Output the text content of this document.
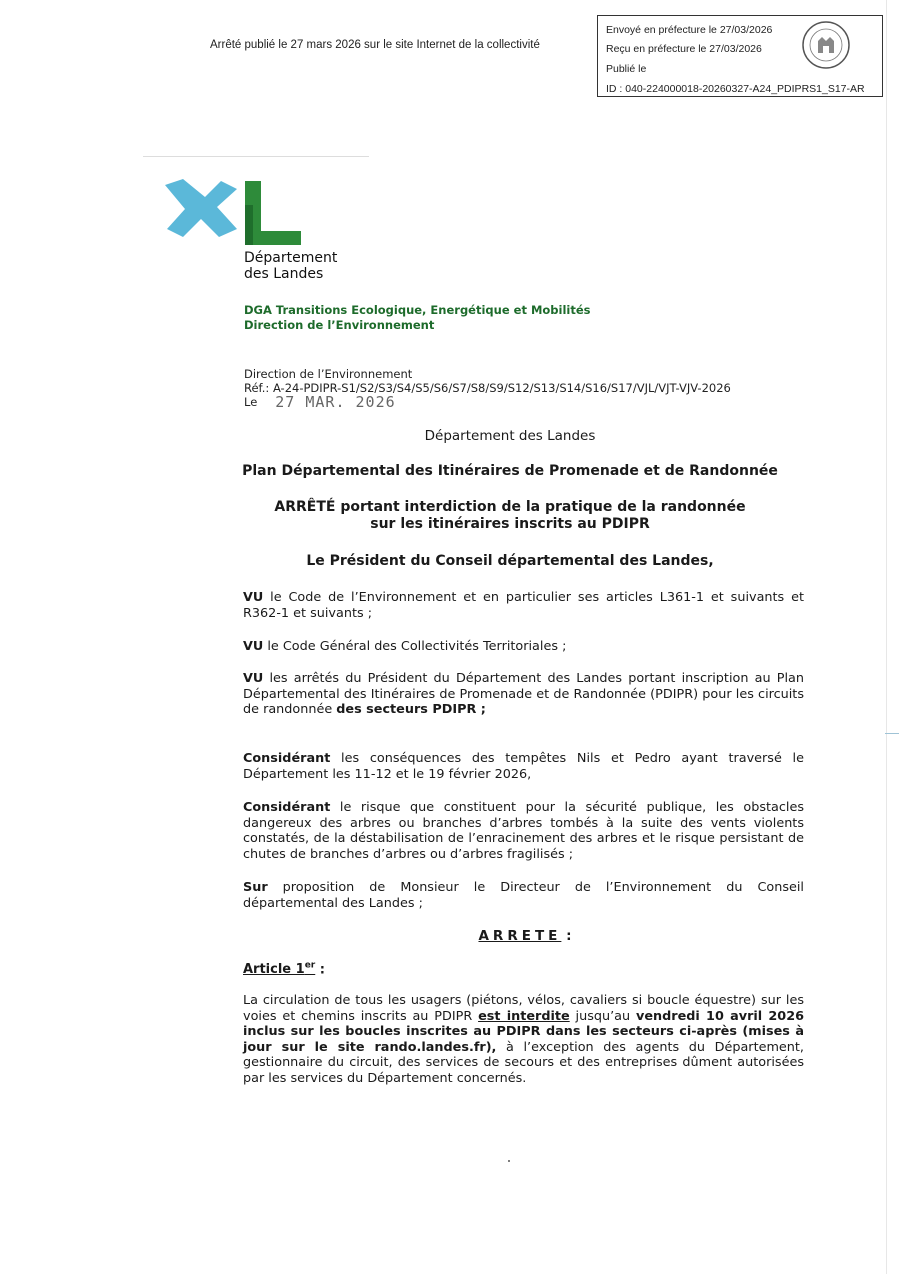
Arrêté publié le 27 mars 2026 sur le site Internet de la collectivité
Envoyé en préfecture le 27/03/2026
Reçu en préfecture le 27/03/2026
Publié le
ID : 040-224000018-20260327-A24_PDIPRS1_S17-AR
Département
des Landes
DGA Transitions Ecologique, Energétique et Mobilités
Direction de l’Environnement
Direction de l’Environnement
Réf.: A-24-PDIPR-S1/S2/S3/S4/S5/S6/S7/S8/S9/S12/S13/S14/S16/S17/VJL/VJT-VJV-2026
Le 27 MAR. 2026
Département des Landes
Plan Départemental des Itinéraires de Promenade et de Randonnée
ARRÊTÉ portant interdiction de la pratique de la randonnée
sur les itinéraires inscrits au PDIPR
Le Président du Conseil départemental des Landes,
VU le Code de l’Environnement et en particulier ses articles L361-1 et suivants et R362-1 et suivants ;
VU le Code Général des Collectivités Territoriales ;
VU les arrêtés du Président du Département des Landes portant inscription au Plan Départemental des Itinéraires de Promenade et de Randonnée (PDIPR) pour les circuits de randonnée des secteurs PDIPR ;
Considérant les conséquences des tempêtes Nils et Pedro ayant traversé le Département les 11-12 et le 19 février 2026,
Considérant le risque que constituent pour la sécurité publique, les obstacles dangereux des arbres ou branches d’arbres tombés à la suite des vents violents constatés, de la déstabilisation de l’enracinement des arbres et le risque persistant de chutes de branches d’arbres ou d’arbres fragilisés ;
Sur proposition de Monsieur le Directeur de l’Environnement du Conseil départemental des Landes ;
ARRETE :
Article 1er :
La circulation de tous les usagers (piétons, vélos, cavaliers si boucle équestre) sur les voies et chemins inscrits au PDIPR est interdite jusqu’au vendredi 10 avril 2026 inclus sur les boucles inscrites au PDIPR dans les secteurs ci-après (mises à jour sur le site rando.landes.fr), à l’exception des agents du Département, gestionnaire du circuit, des services de secours et des entreprises dûment autorisées par les services du Département concernés.
